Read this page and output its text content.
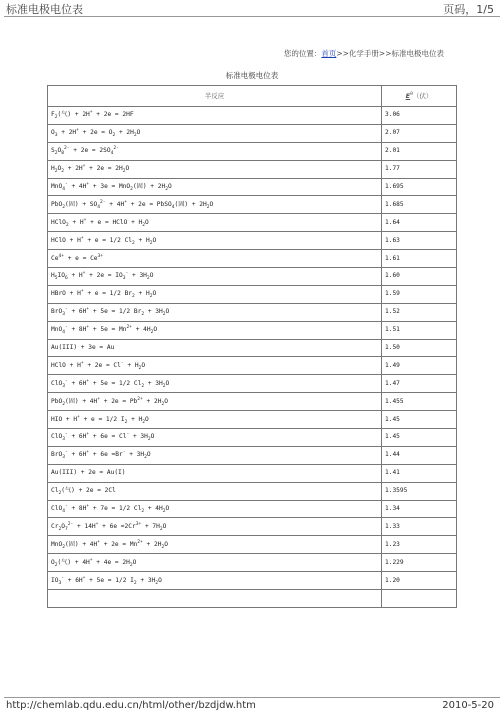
标准电极电位表	页码，1/5
您的位置：首页>>化学手册>>标准电极电位表
标准电极电位表
半反应	$E^\theta$（伏）
$F_2$(气) + 2H+ + 2e = 2HF	3.06
$O_3 + 2H^+ + 2e = O_2 + 2H_2O$	2.07
$S_2O_8^{2-} + 2e = 2SO_4^{2-}$	2.01
$H_2O_2 + 2H^+ + 2e = 2H_2O$	1.77
MnO$_4$- + 4H+ + 3e = MnO$_2$(固) + $2H_2O$	1.695
PbO$_2$(固) + $SO_4^{2-} + 4H^+ + 2e$ = PbSO$_4$(固) + $2H_2O$	1.685
HClO$_2$ + H+ + e = HClO + $H_2O$	1.64
HClO + H+ + e = 1/2 $Cl_2 + H_2O$	1.63
$Ce^{4+} + e = Ce^{3+}$	1.61
$H_5IO_6 + H^+ + 2e = IO_3^- + 3H_2O$	1.60
HBrO + H+ + e = 1/2 $Br_2 + H_2O$	1.59
BrO$_3$- + 6H+ + 5e = 1/2 $Br_2 + 3H_2O$	1.52
$MnO_4^- + 8H^+ + 5e = Mn^{2+} + 4H_2O$	1.51
Au(III) + 3e = Au	1.50
HClO + $H^+ + 2e = Cl^- + H_2O$	1.49
ClO$_3$- + 6H+ + 5e = 1/2 $Cl_2 + 3H_2O$	1.47
PbO$_2$(固) + $4H^+ + 2e = Pb^{2+} + 2H_2O$	1.455
HIO + H+ + e = 1/2 $I_2 + H_2O$	1.45
$ClO_3^- + 6H^+ + 6e = Cl^- + 3H_2O$	1.45
$BrO_3^- + 6H^+ + 6e =Br^- + 3H_2O$	1.44
Au(III) + 2e = Au(I)	1.41
$Cl_2$(气) + 2e = 2Cl	1.3595
ClO$_4$- + 8H+ + 7e = 1/2 $Cl_2 + 4H_2O$	1.34
$Cr_2O_7^{2-} + 14H^+ + 6e =2Cr^{3+} + 7H_2O$	1.33
MnO$_2$(固) + $4H^+ + 2e = Mn^{2+} + 2H_2O$	1.23
$O_2$(气) + $4H^+ + 4e = 2H_2O$	1.229
$IO_3^- + 6H^+ + 5e = 1/2$ $I_2 + 3H_2O$	1.20

http://chemlab.qdu.edu.cn/html/other/bzdjdw.htm	2010-5-20
